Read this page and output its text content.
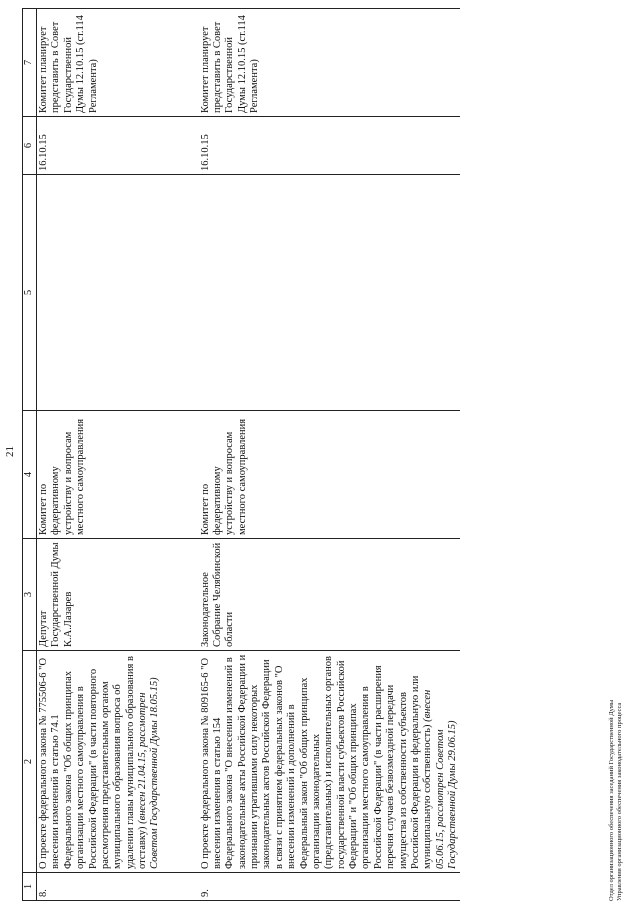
21
1	2	3	4	5	6	7
8.	О проекте федерального закона № 775506-6 "О внесении изменений в статью 74.1 Федерального закона "Об общих принципах организации местного самоуправления в Российской Федерации" (в части повторного рассмотрения представительным органом муниципального образования вопроса об удалении главы муниципального образования в отставку) (внесен 21.04.15, рассмотрен Советом Государственной Думы 18.05.15)	Депутат Государственной Думы К.А.Лазарев	Комитет по федеративному устройству и вопросам местного самоуправления		16.10.15	Комитет планирует представить в Совет Государственной Думы 12.10.15 (ст.114 Регламента)
9.	О проекте федерального закона № 809165-6 "О внесении изменения в статью 154 Федерального закона "О внесении изменений в законодательные акты Российской Федерации и признании утратившими силу некоторых законодательных актов Российской Федерации в связи с принятием федеральных законов "О внесении изменений и дополнений в Федеральный закон "Об общих принципах организации законодательных (представительных) и исполнительных органов государственной власти субъектов Российской Федерации" и "Об общих принципах организации местного самоуправления в Российской Федерации" (в части расширения перечня случаев безвозмездной передачи имущества из собственности субъектов Российской Федерации в федеральную или муниципальную собственность) (внесен 05.06.15, рассмотрен Советом Государственной Думы 29.06.15)	Законодательное Собрание Челябинской области	Комитет по федеративному устройству и вопросам местного самоуправления		16.10.15	Комитет планирует представить в Совет Государственной Думы 12.10.15 (ст.114 Регламента)
Отдел организационного обеспечения заседаний Государственной Думы Управления организационного обеспечения законодательного процесса
